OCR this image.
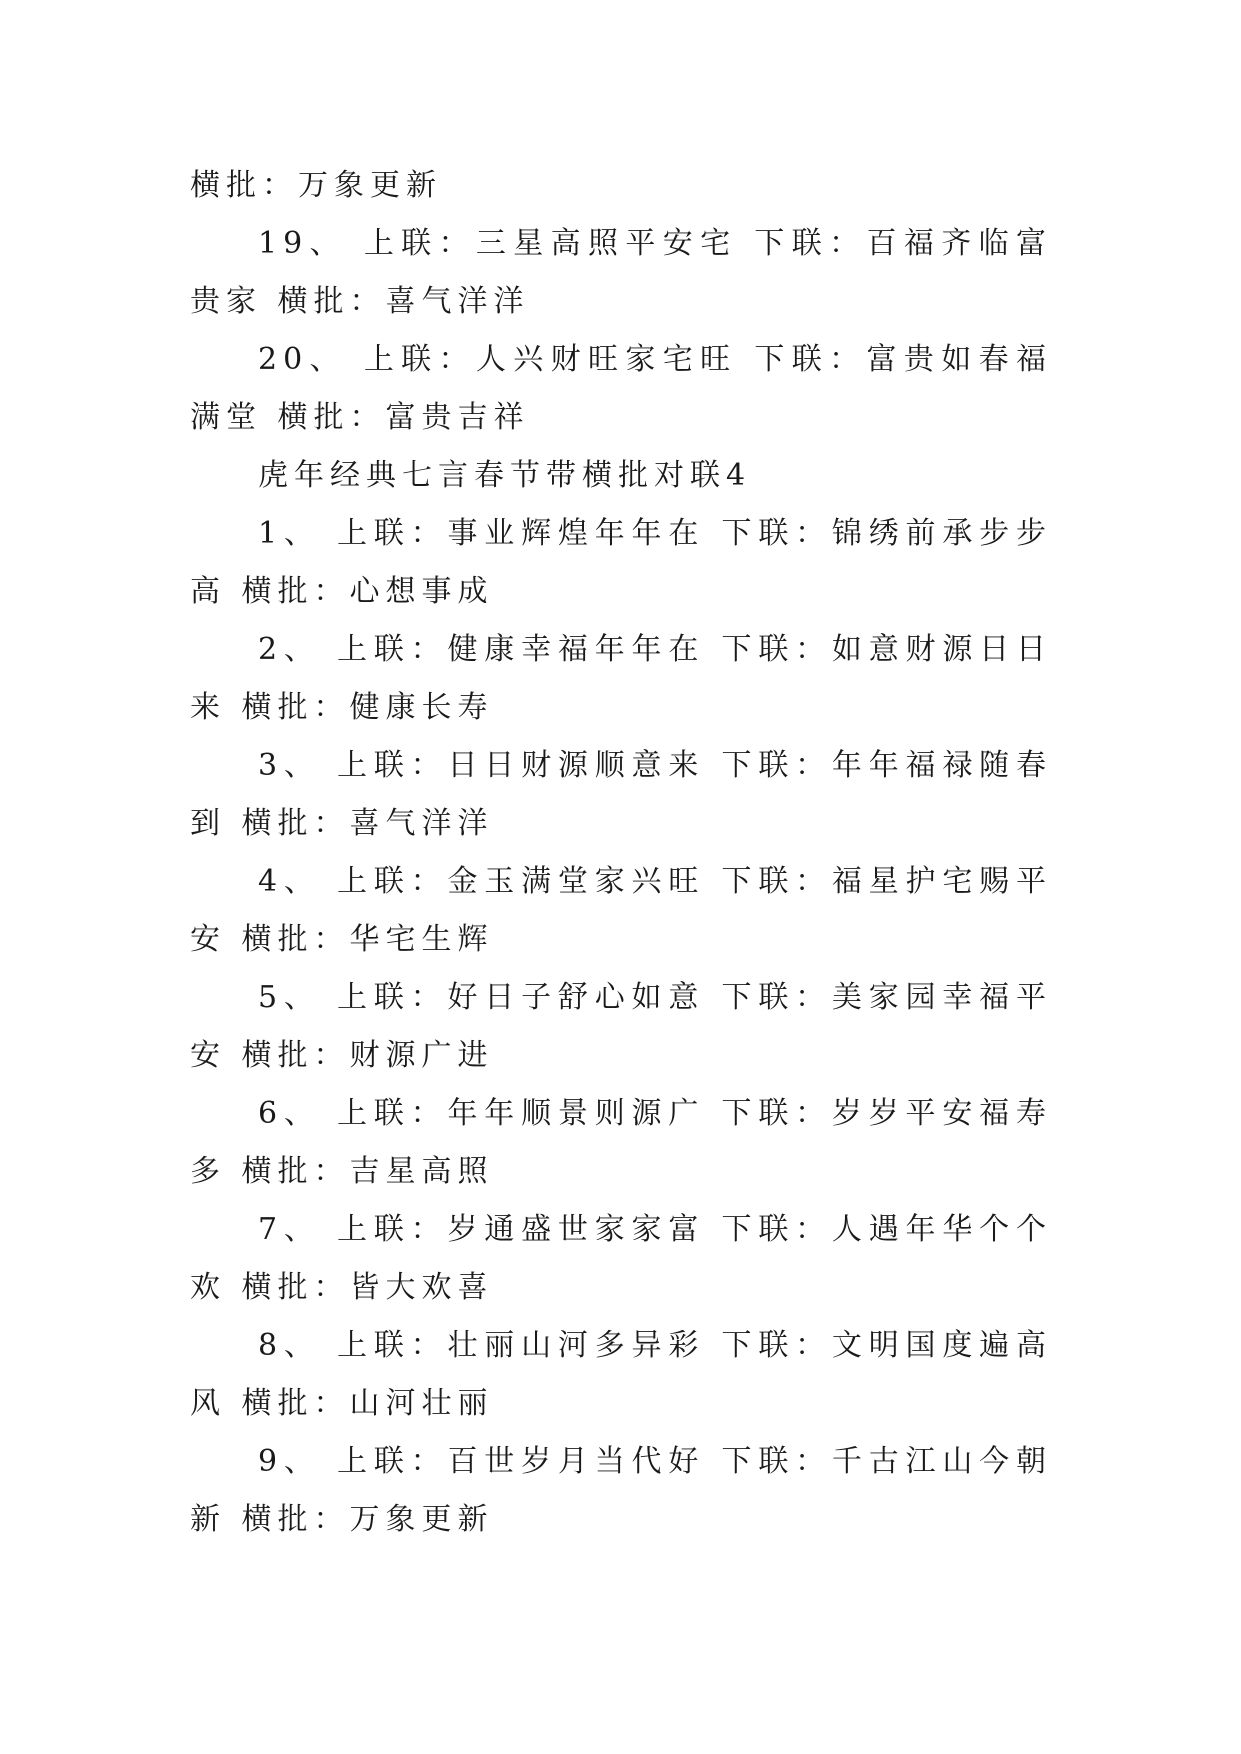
横批：万象更新

19、 上联：三星高照平安宅 下联：百福齐临富贵家 横批：喜气洋洋

20、 上联：人兴财旺家宅旺 下联：富贵如春福满堂 横批：富贵吉祥

虎年经典七言春节带横批对联4

1、 上联：事业辉煌年年在 下联：锦绣前承步步高 横批：心想事成

2、 上联：健康幸福年年在 下联：如意财源日日来 横批：健康长寿

3、 上联：日日财源顺意来 下联：年年福禄随春到 横批：喜气洋洋

4、 上联：金玉满堂家兴旺 下联：福星护宅赐平安 横批：华宅生辉

5、 上联：好日子舒心如意 下联：美家园幸福平安 横批：财源广进

6、 上联：年年顺景则源广 下联：岁岁平安福寿多 横批：吉星高照

7、 上联：岁通盛世家家富 下联：人遇年华个个欢 横批：皆大欢喜

8、 上联：壮丽山河多异彩 下联：文明国度遍高风 横批：山河壮丽

9、 上联：百世岁月当代好 下联：千古江山今朝新 横批：万象更新
